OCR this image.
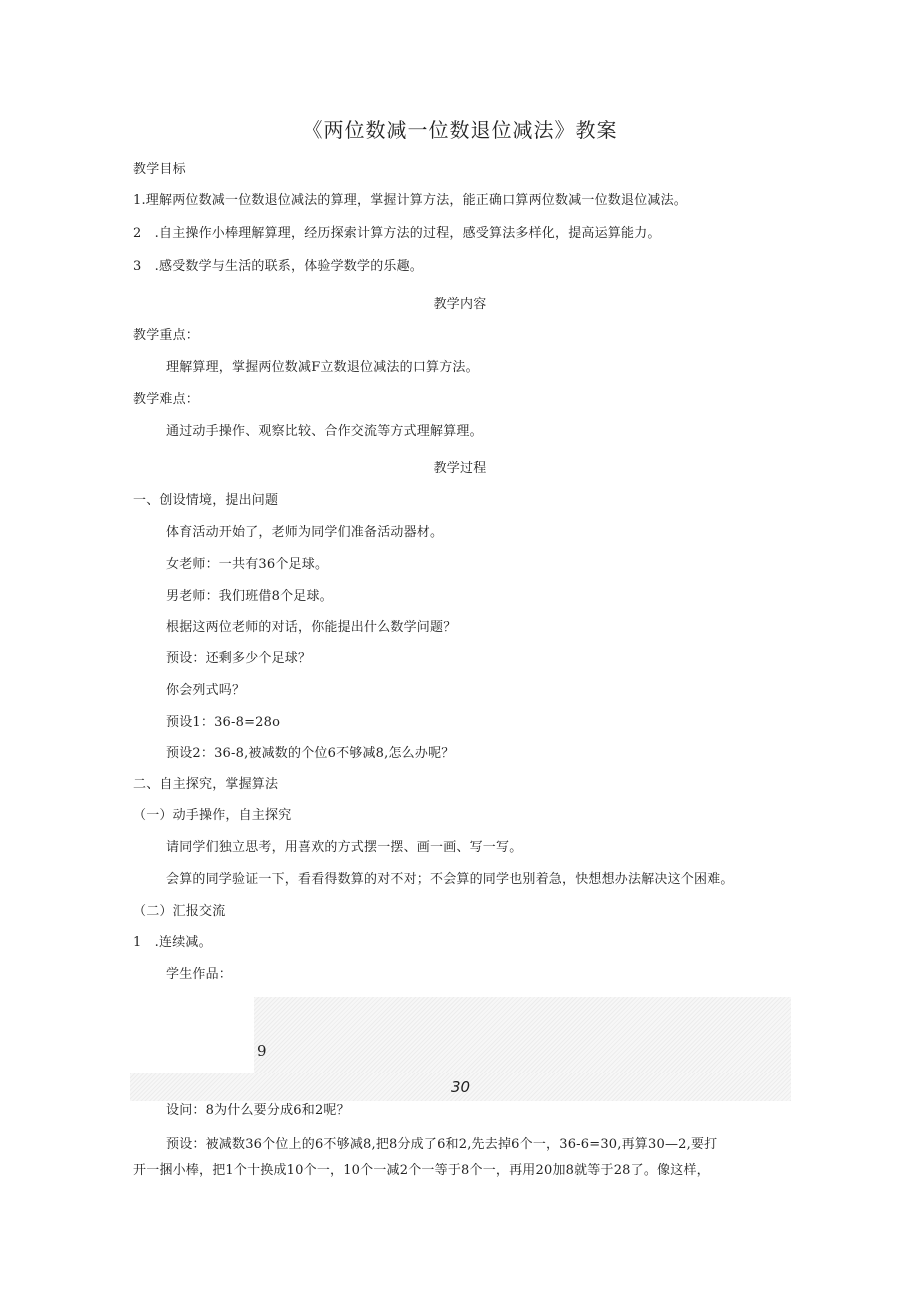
《两位数减一位数退位减法》教案
教学目标
1.理解两位数减一位数退位减法的算理，掌握计算方法，能正确口算两位数减一位数退位减法。
2　.自主操作小棒理解算理，经历探索计算方法的过程，感受算法多样化，提高运算能力。
3　.感受数学与生活的联系，体验学数学的乐趣。
教学内容
教学重点：
理解算理，掌握两位数减F立数退位减法的口算方法。
教学难点：
通过动手操作、观察比较、合作交流等方式理解算理。
教学过程
一、创设情境，提出问题
体育活动开始了，老师为同学们准备活动器材。
女老师：一共有36个足球。
男老师：我们班借8个足球。
根据这两位老师的对话，你能提出什么数学问题？
预设：还剩多少个足球？
你会列式吗？
预设1：36-8=28o
预设2：36-8,被减数的个位6不够减8,怎么办呢？
二、自主探究，掌握算法
（一）动手操作，自主探究
请同学们独立思考，用喜欢的方式摆一摆、画一画、写一写。
会算的同学验证一下，看看得数算的对不对；不会算的同学也别着急，快想想办法解决这个困难。
（二）汇报交流
1　.连续减。
学生作品：
9
30
设问：8为什么要分成6和2呢？
预设：被减数36个位上的6不够减8,把8分成了6和2,先去掉6个一，36-6=30,再算30—2,要打
开一捆小棒，把1个十换成10个一，10个一减2个一等于8个一，再用20加8就等于28了。像这样，
